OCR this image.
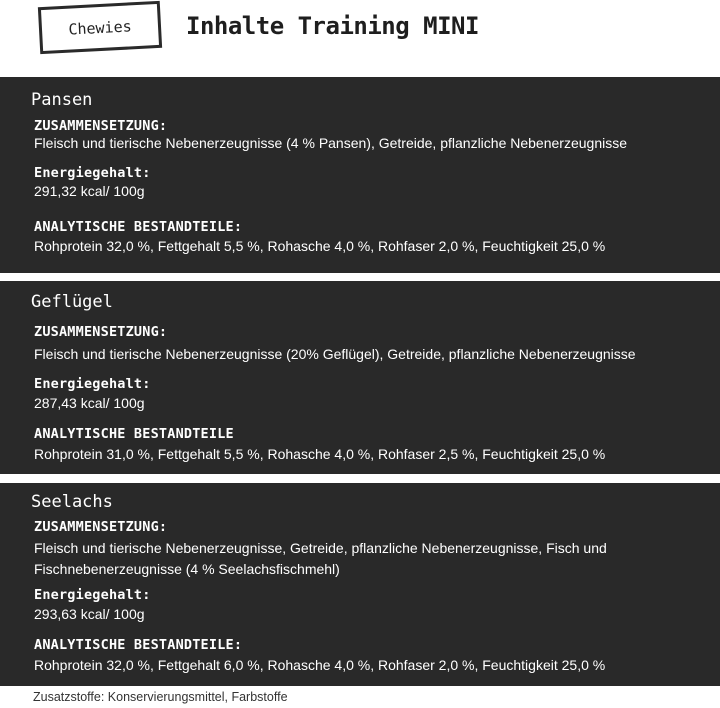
Chewies Inhalte Training MINI
Pansen
ZUSAMMENSETZUNG:
Fleisch und tierische Nebenerzeugnisse (4 % Pansen), Getreide, pflanzliche Nebenerzeugnisse
Energiegehalt:
291,32 kcal/ 100g
ANALYTISCHE BESTANDTEILE:
Rohprotein 32,0 %, Fettgehalt 5,5 %, Rohasche 4,0 %, Rohfaser 2,0 %, Feuchtigkeit 25,0 %
Geflügel
ZUSAMMENSETZUNG:
Fleisch und tierische Nebenerzeugnisse (20% Geflügel), Getreide, pflanzliche Nebenerzeugnisse
Energiegehalt:
287,43 kcal/ 100g
ANALYTISCHE BESTANDTEILE
Rohprotein 31,0 %, Fettgehalt 5,5 %, Rohasche 4,0 %, Rohfaser 2,5 %, Feuchtigkeit 25,0 %
Seelachs
ZUSAMMENSETZUNG:
Fleisch und tierische Nebenerzeugnisse, Getreide, pflanzliche Nebenerzeugnisse, Fisch und Fischnebenerzeugnisse (4 % Seelachsfischmehl)
Energiegehalt:
293,63 kcal/ 100g
ANALYTISCHE BESTANDTEILE:
Rohprotein 32,0 %, Fettgehalt 6,0 %, Rohasche 4,0 %, Rohfaser 2,0 %, Feuchtigkeit 25,0 %
Zusatzstoffe: Konservierungsmittel, Farbstoffe
